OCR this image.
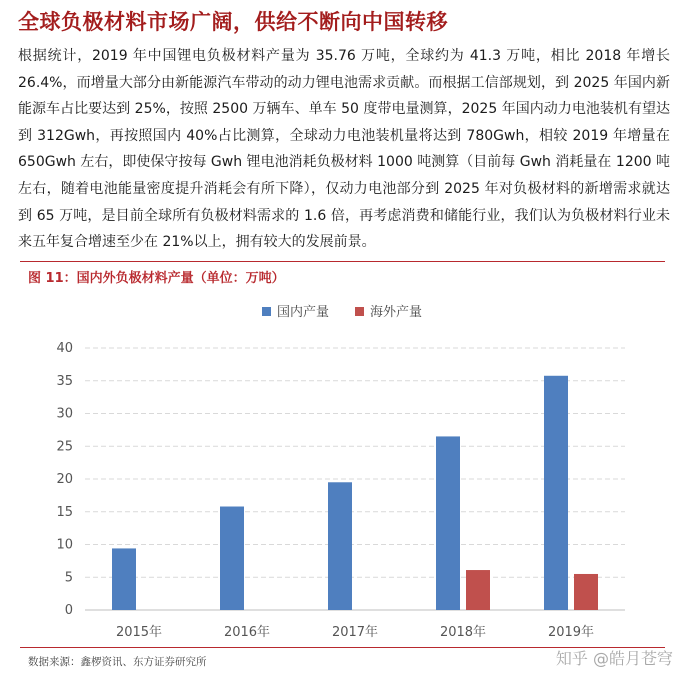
全球负极材料市场广阔，供给不断向中国转移
根据统计，2019 年中国锂电负极材料产量为 35.76 万吨，全球约为 41.3 万吨，相比 2018 年增长 26.4%，而增量大部分由新能源汽车带动的动力锂电池需求贡献。而根据工信部规划，到 2025 年国内新能源车占比要达到 25%，按照 2500 万辆车、单车 50 度带电量测算，2025 年国内动力电池装机有望达到 312Gwh，再按照国内 40%占比测算，全球动力电池装机量将达到 780Gwh，相较 2019 年增量在 650Gwh 左右，即使保守按每 Gwh 锂电池消耗负极材料 1000 吨测算（目前每 Gwh 消耗量在 1200 吨左右，随着电池能量密度提升消耗会有所下降），仅动力电池部分到 2025 年对负极材料的新增需求就达到 65 万吨，是目前全球所有负极材料需求的 1.6 倍，再考虑消费和储能行业，我们认为负极材料行业未来五年复合增速至少在 21%以上，拥有较大的发展前景。
图 11：国内外负极材料产量（单位：万吨）
0
5
10
15
20
25
30
35
40
2015年	2016年	2017年	2018年	2019年
国内产量	海外产量
数据来源：鑫椤资讯、东方证券研究所	知乎 @皓月苍穹
